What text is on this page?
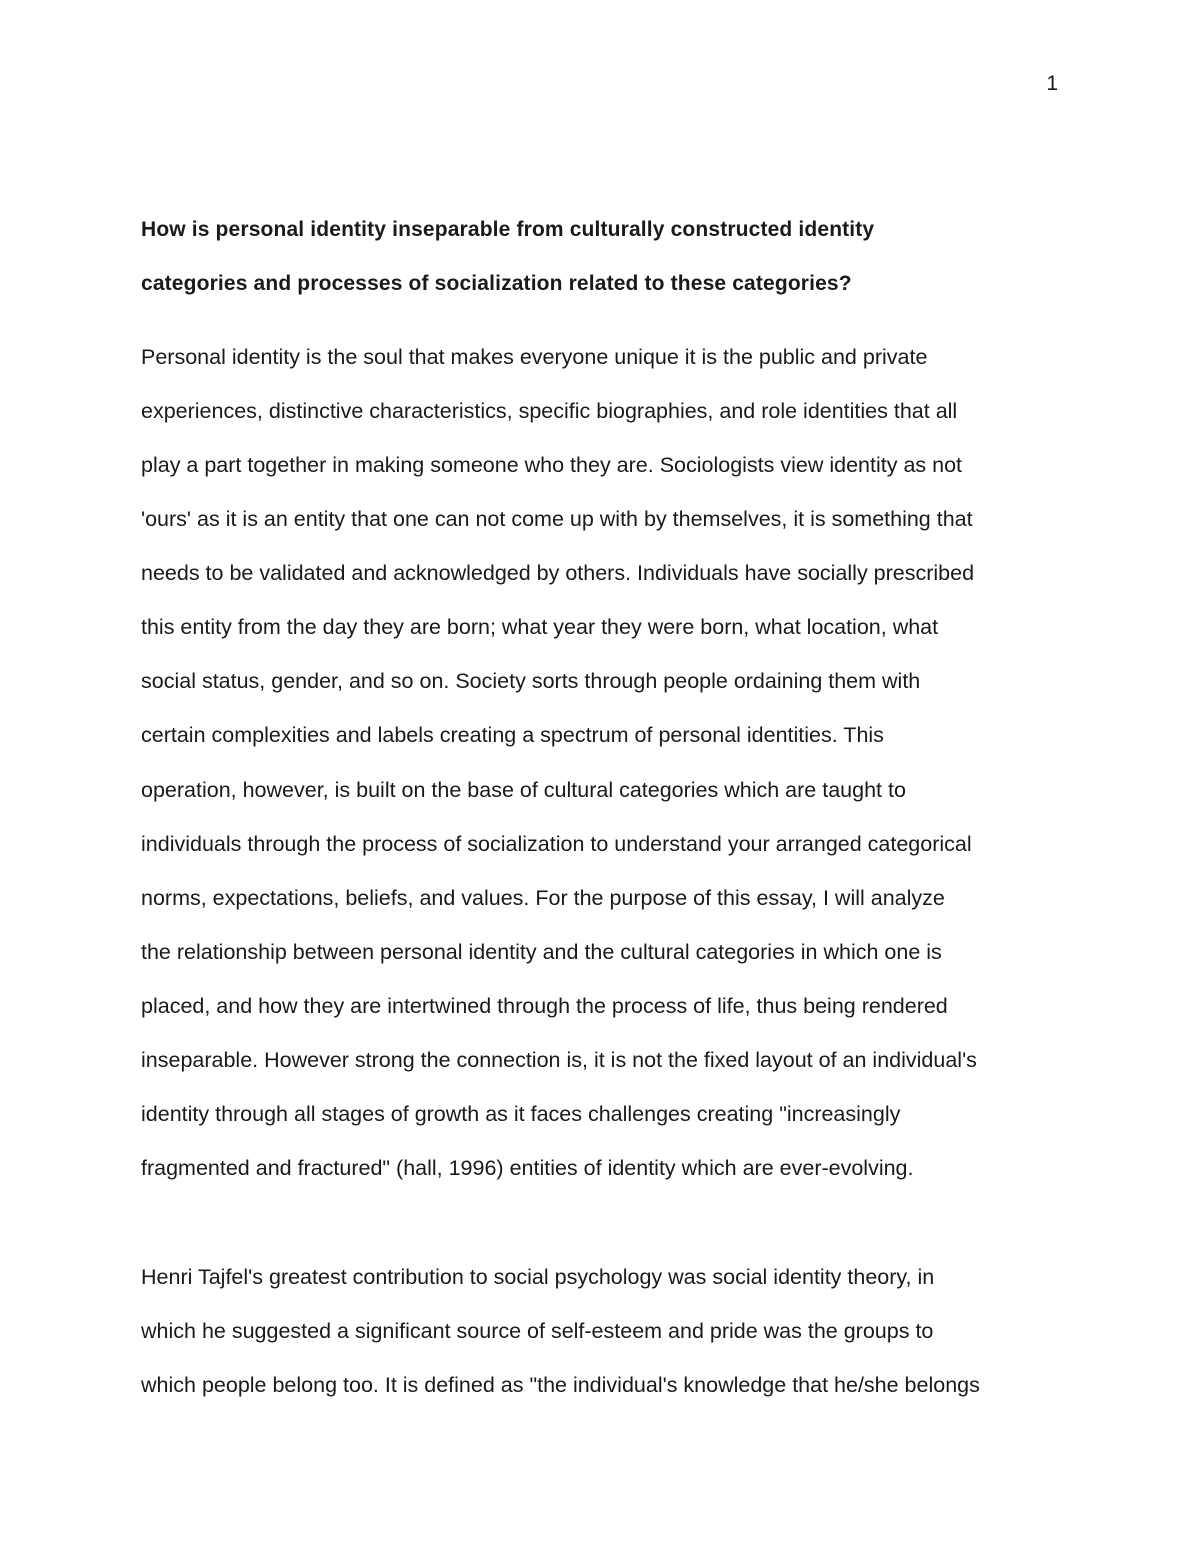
1
How is personal identity inseparable from culturally constructed identity
categories and processes of socialization related to these categories?
Personal identity is the soul that makes everyone unique it is the public and private
experiences, distinctive characteristics, specific biographies, and role identities that all
play a part together in making someone who they are. Sociologists view identity as not
'ours' as it is an entity that one can not come up with by themselves, it is something that
needs to be validated and acknowledged by others. Individuals have socially prescribed
this entity from the day they are born; what year they were born, what location, what
social status, gender, and so on. Society sorts through people ordaining them with
certain complexities and labels creating a spectrum of personal identities. This
operation, however, is built on the base of cultural categories which are taught to
individuals through the process of socialization to understand your arranged categorical
norms, expectations, beliefs, and values. For the purpose of this essay, I will analyze
the relationship between personal identity and the cultural categories in which one is
placed, and how they are intertwined through the process of life, thus being rendered
inseparable. However strong the connection is, it is not the fixed layout of an individual's
identity through all stages of growth as it faces challenges creating "increasingly
fragmented and fractured" (hall, 1996) entities of identity which are ever-evolving.
Henri Tajfel's greatest contribution to social psychology was social identity theory, in
which he suggested a significant source of self-esteem and pride was the groups to
which people belong too. It is defined as "the individual's knowledge that he/she belongs
